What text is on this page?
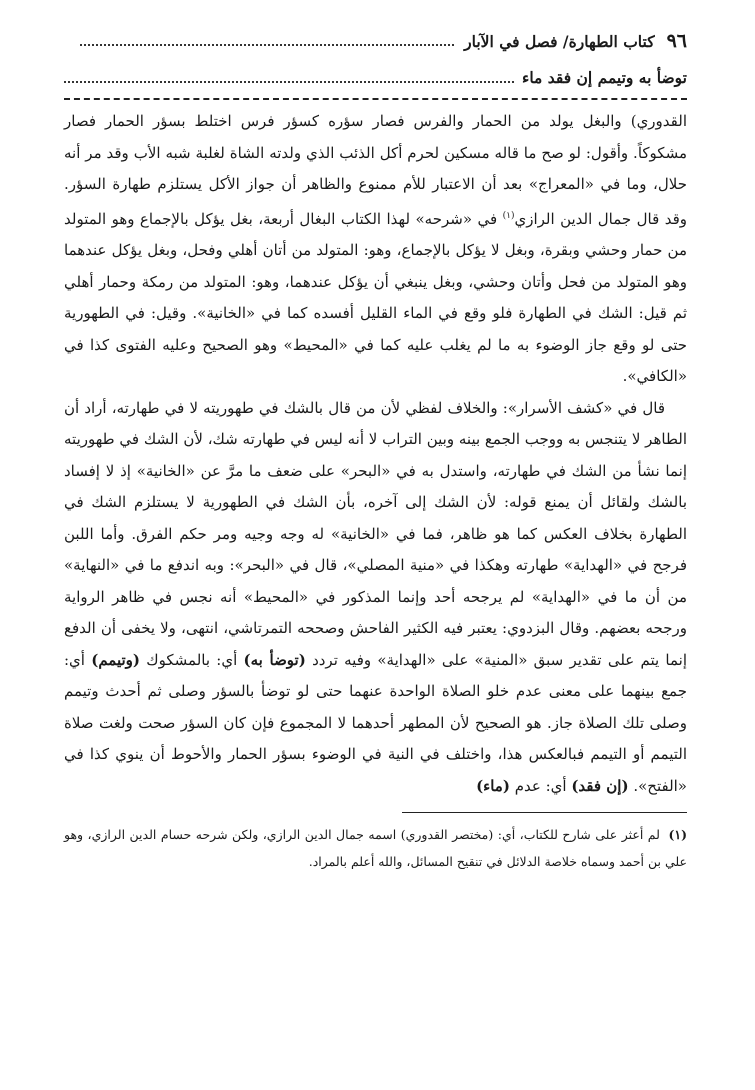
٩٦
كتاب الطهارة/ فصل في الآبار
توضأ به وتيمم إن فقد ماء

القدوري) والبغل يولد من الحمار والفرس فصار سؤره كسؤر فرس اختلط بسؤر الحمار فصار مشكوكاً. وأقول: لو صح ما قاله مسكين لحرم أكل الذئب الذي ولدته الشاة لغلبة شبه الأب وقد مر أنه حلال، وما في «المعراج» بعد أن الاعتبار للأم ممنوع والظاهر أن جواز الأكل يستلزم طهارة السؤر. وقد قال جمال الدين الرازي$^{(١)}$ في «شرحه» لهذا الكتاب البغال أربعة، بغل يؤكل بالإجماع وهو المتولد من حمار وحشي وبقرة، وبغل لا يؤكل بالإجماع، وهو: المتولد من أتان أهلي وفحل، وبغل يؤكل عندهما وهو المتولد من فحل وأتان وحشي، وبغل ينبغي أن يؤكل عندهما، وهو: المتولد من رمكة وحمار أهلي ثم قيل: الشك في الطهارة فلو وقع في الماء القليل أفسده كما في «الخانية». وقيل: في الطهورية حتى لو وقع جاز الوضوء به ما لم يغلب عليه كما في «المحيط» وهو الصحيح وعليه الفتوى كذا في «الكافي».

قال في «كشف الأسرار»: والخلاف لفظي لأن من قال بالشك في طهوريته لا في طهارته، أراد أن الطاهر لا يتنجس به ووجب الجمع بينه وبين التراب لا أنه ليس في طهارته شك، لأن الشك في طهوريته إنما نشأ من الشك في طهارته، واستدل به في «البحر» على ضعف ما مرَّ عن «الخانية» إذ لا إفساد بالشك ولقائل أن يمنع قوله: لأن الشك إلى آخره، بأن الشك في الطهورية لا يستلزم الشك في الطهارة بخلاف العكس كما هو ظاهر، فما في «الخانية» له وجه وجيه ومر حكم الفرق. وأما اللبن فرجح في «الهداية» طهارته وهكذا في «منية المصلي»، قال في «البحر»: وبه اندفع ما في «النهاية» من أن ما في «الهداية» لم يرجحه أحد وإنما المذكور في «المحيط» أنه نجس في ظاهر الرواية ورجحه بعضهم. وقال البزدوي: يعتبر فيه الكثير الفاحش وصححه التمرتاشي، انتهى، ولا يخفى أن الدفع إنما يتم على تقدير سبق «المنية» على «الهداية» وفيه تردد (توضأ به) أي: بالمشكوك (وتيمم) أي: جمع بينهما على معنى عدم خلو الصلاة الواحدة عنهما حتى لو توضأ بالسؤر وصلى ثم أحدث وتيمم وصلى تلك الصلاة جاز. هو الصحيح لأن المطهر أحدهما لا المجموع فإن كان السؤر صحت ولغت صلاة التيمم أو التيمم فبالعكس هذا، واختلف في النية في الوضوء بسؤر الحمار والأحوط أن ينوي كذا في «الفتح». (إن فقد) أي: عدم (ماء)

(١) لم أعثر على شارح للكتاب، أي: (مختصر القدوري) اسمه جمال الدين الرازي، ولكن شرحه حسام الدين الرازي، وهو علي بن أحمد وسماه خلاصة الدلائل في تنقيح المسائل، والله أعلم بالمراد.
